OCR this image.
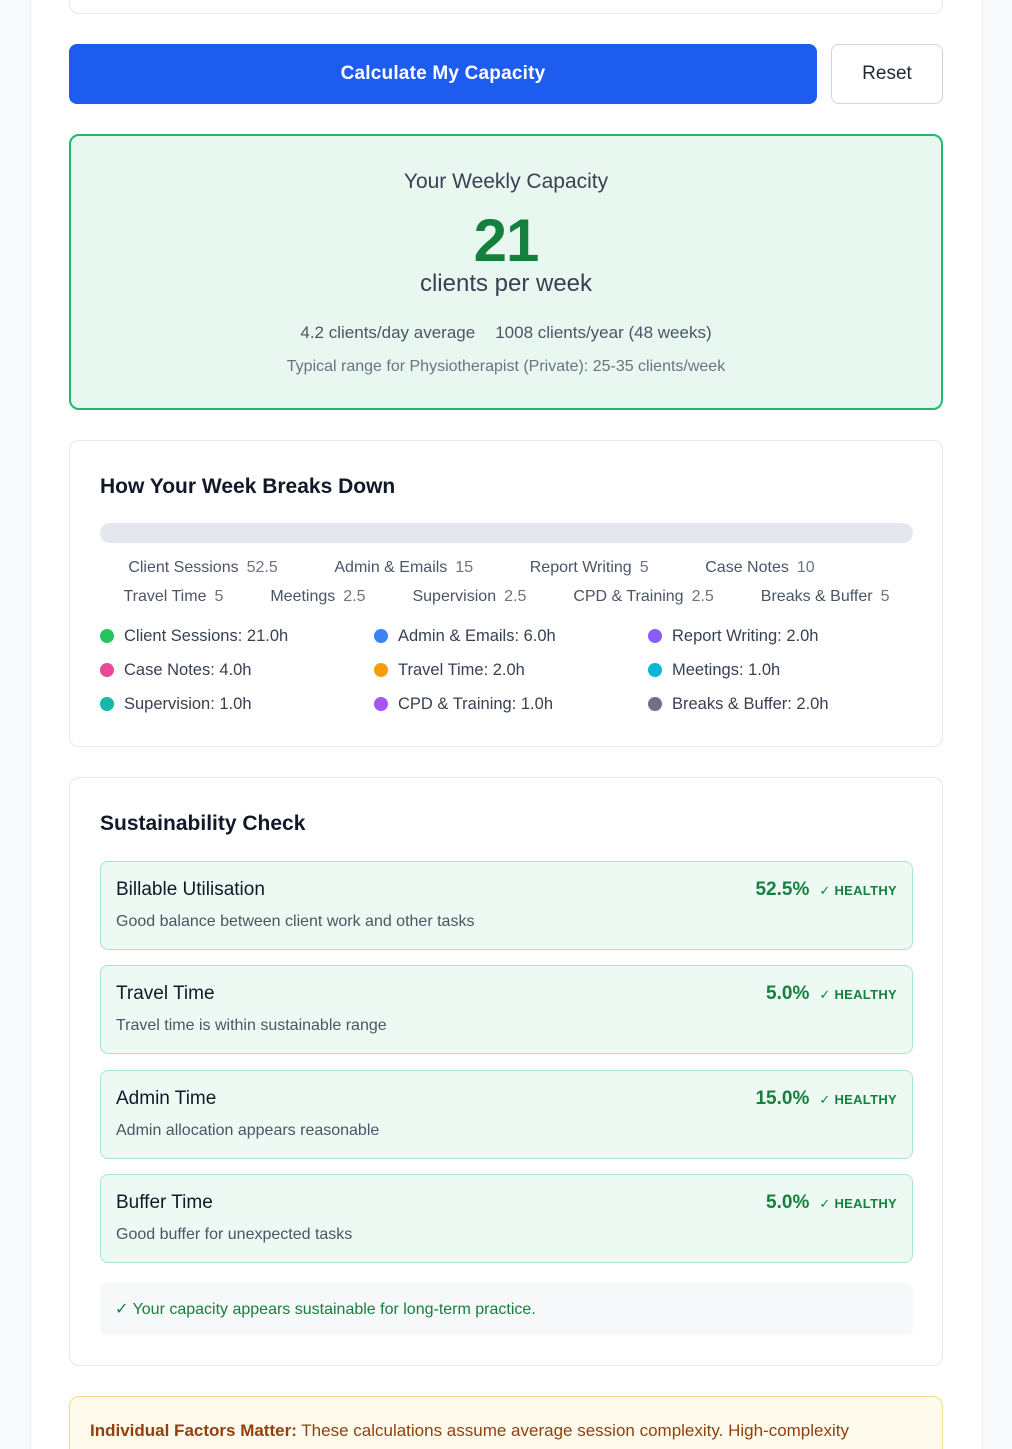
Calculate My Capacity	Reset
Your Weekly Capacity
21
clients per week
4.2 clients/day average 1008 clients/year (48 weeks)
Typical range for Physiotherapist (Private): 25-35 clients/week
How Your Week Breaks Down
Client Sessions 52.5	Admin & Emails 15	Report Writing 5	Case Notes 10
Travel Time 5	Meetings 2.5	Supervision 2.5	CPD & Training 2.5	Breaks & Buffer 5
Client Sessions: 21.0h	Admin & Emails: 6.0h	Report Writing: 2.0h
Case Notes: 4.0h	Travel Time: 2.0h	Meetings: 1.0h
Supervision: 1.0h	CPD & Training: 1.0h	Breaks & Buffer: 2.0h
Sustainability Check
Billable Utilisation	52.5% ✓ HEALTHY
Good balance between client work and other tasks
Travel Time	5.0% ✓ HEALTHY
Travel time is within sustainable range
Admin Time	15.0% ✓ HEALTHY
Admin allocation appears reasonable
Buffer Time	5.0% ✓ HEALTHY
Good buffer for unexpected tasks
✓ Your capacity appears sustainable for long-term practice.
Individual Factors Matter: These calculations assume average session complexity. High-complexity
